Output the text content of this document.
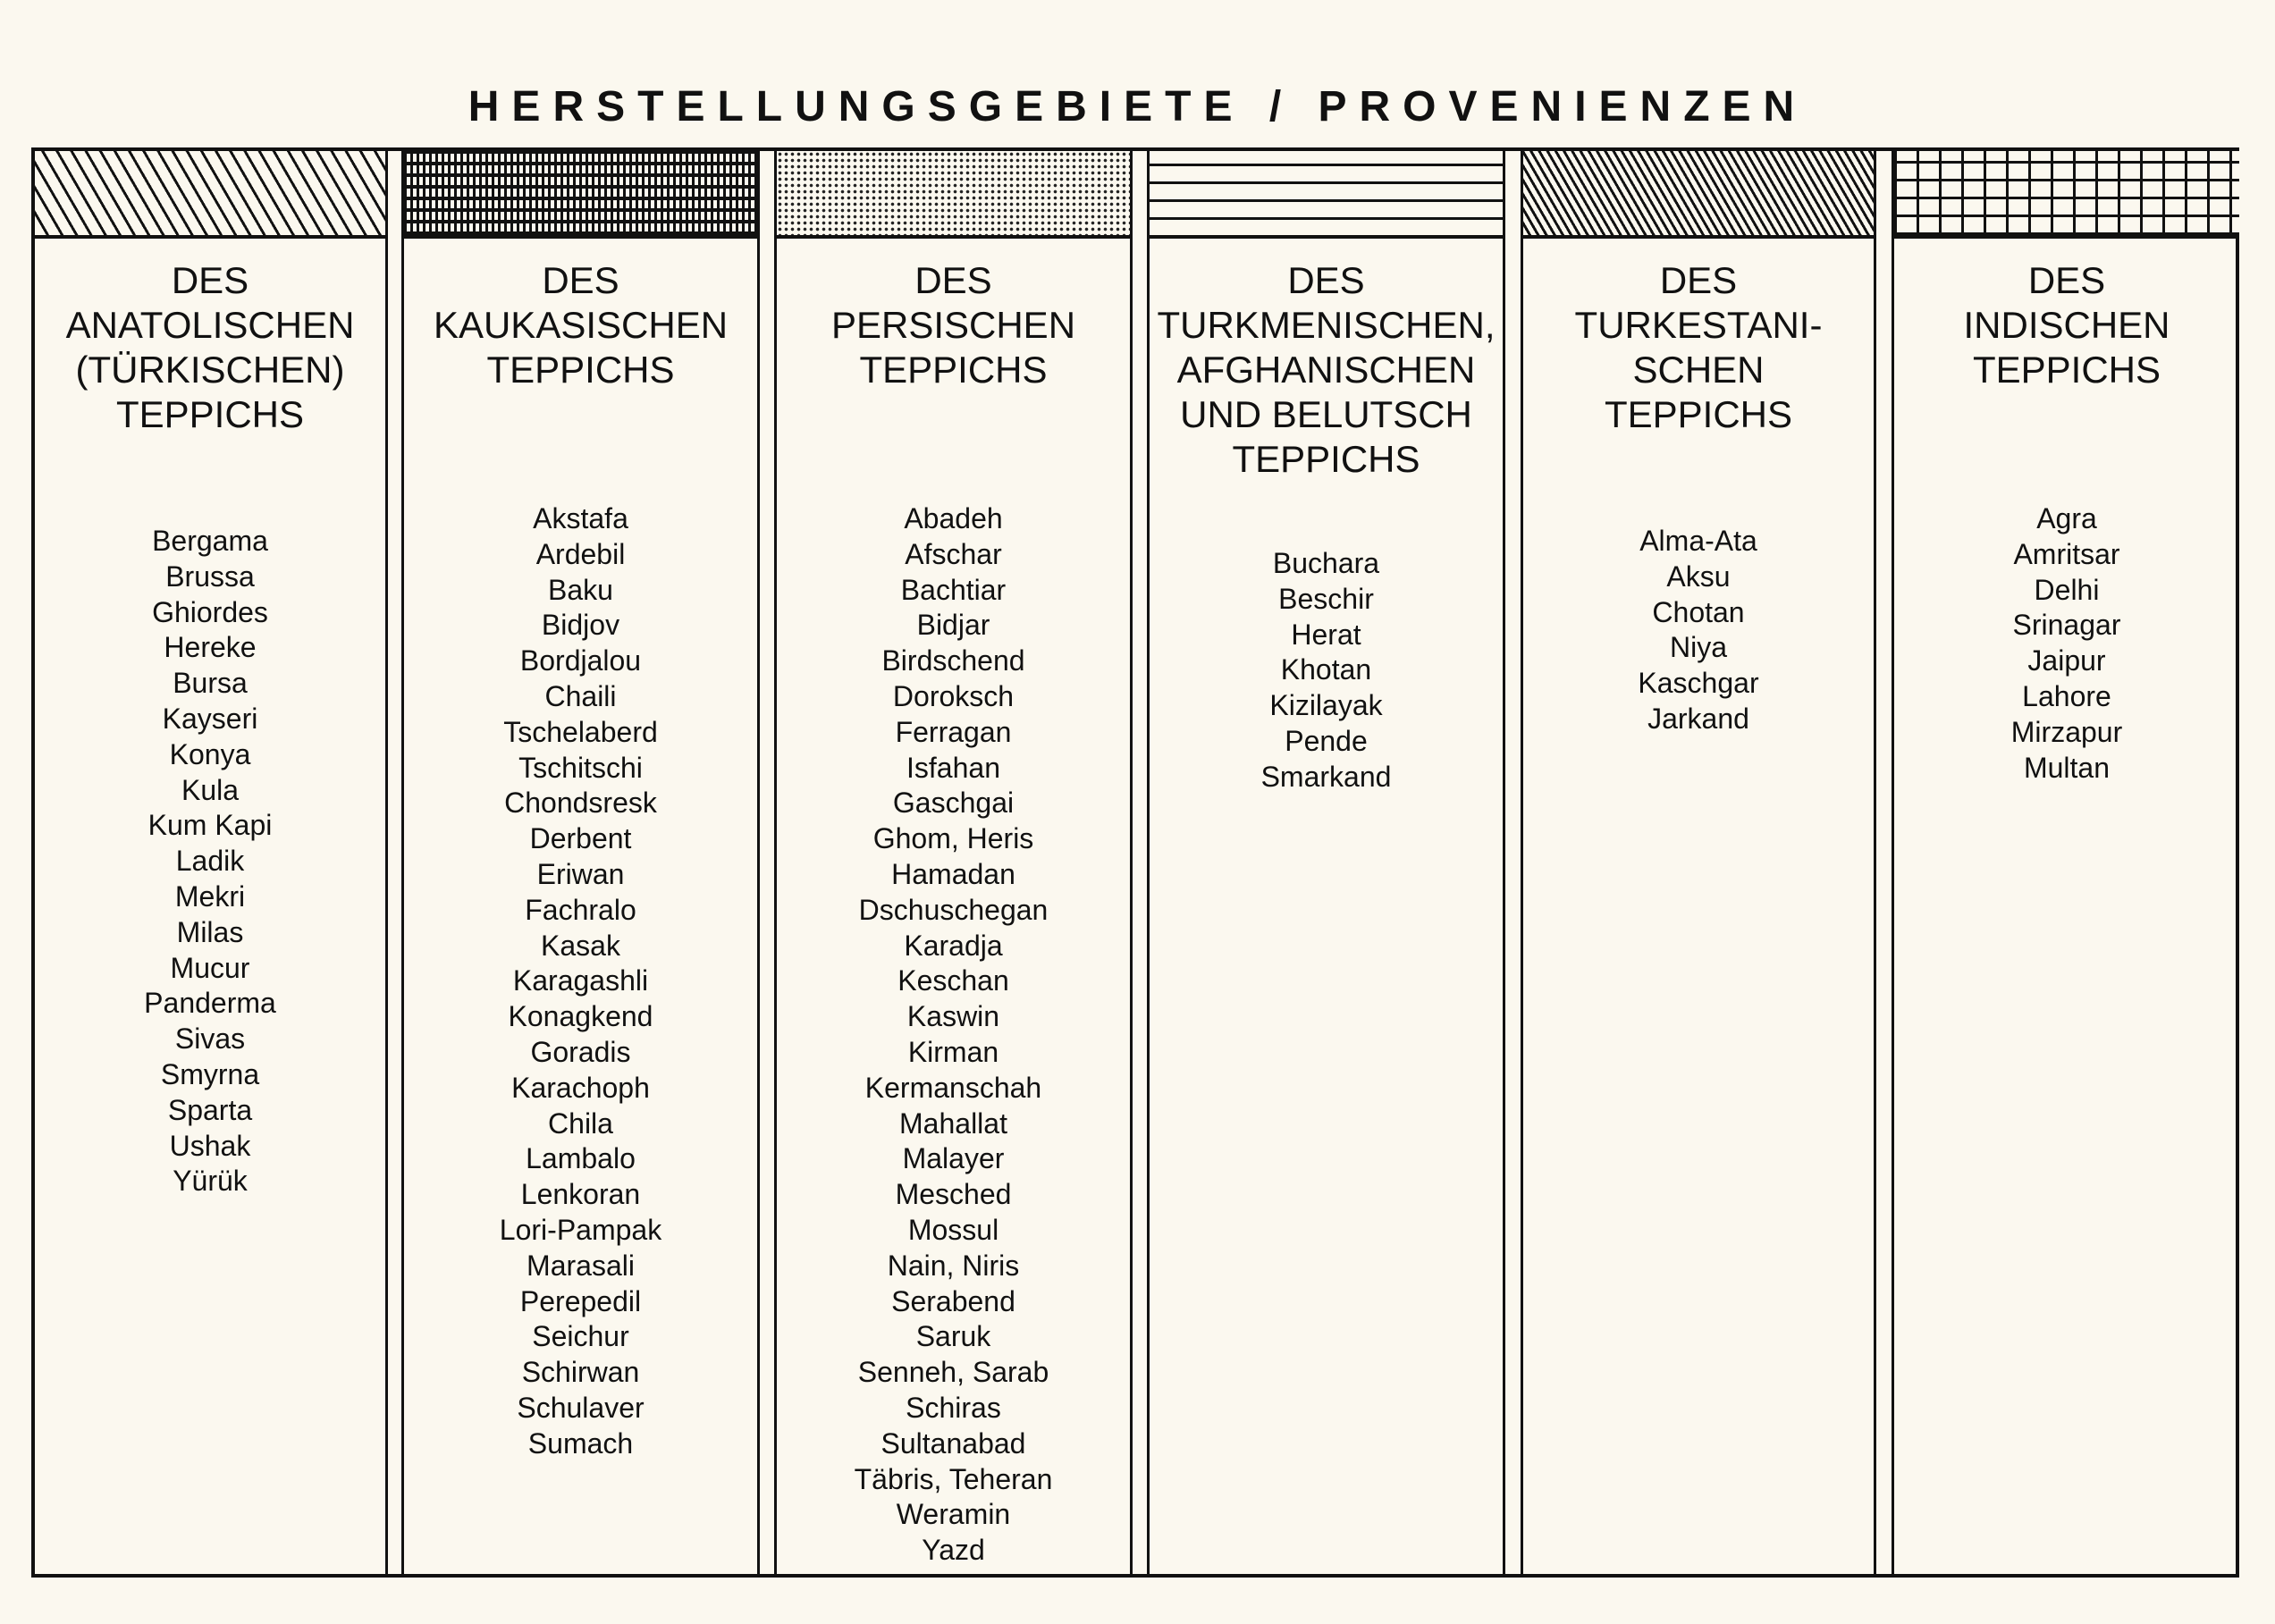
HERSTELLUNGSGEBIETE / PROVENIENZEN
DES
ANATOLISCHEN
(TÜRKISCHEN)
TEPPICHS
Bergama
Brussa
Ghiordes
Hereke
Bursa
Kayseri
Konya
Kula
Kum Kapi
Ladik
Mekri
Milas
Mucur
Panderma
Sivas
Smyrna
Sparta
Ushak
Yürük
DES
KAUKASISCHEN
TEPPICHS
Akstafa
Ardebil
Baku
Bidjov
Bordjalou
Chaili
Tschelaberd
Tschitschi
Chondsresk
Derbent
Eriwan
Fachralo
Kasak
Karagashli
Konagkend
Goradis
Karachoph
Chila
Lambalo
Lenkoran
Lori-Pampak
Marasali
Perepedil
Seichur
Schirwan
Schulaver
Sumach
DES
PERSISCHEN
TEPPICHS
Abadeh
Afschar
Bachtiar
Bidjar
Birdschend
Doroksch
Ferragan
Isfahan
Gaschgai
Ghom, Heris
Hamadan
Dschuschegan
Karadja
Keschan
Kaswin
Kirman
Kermanschah
Mahallat
Malayer
Mesched
Mossul
Nain, Niris
Serabend
Saruk
Senneh, Sarab
Schiras
Sultanabad
Täbris, Teheran
Weramin
Yazd
DES
TURKMENISCHEN,
AFGHANISCHEN
UND BELUTSCH
TEPPICHS
Buchara
Beschir
Herat
Khotan
Kizilayak
Pende
Smarkand
DES
TURKESTANI-
SCHEN
TEPPICHS
Alma-Ata
Aksu
Chotan
Niya
Kaschgar
Jarkand
DES
INDISCHEN
TEPPICHS
Agra
Amritsar
Delhi
Srinagar
Jaipur
Lahore
Mirzapur
Multan
